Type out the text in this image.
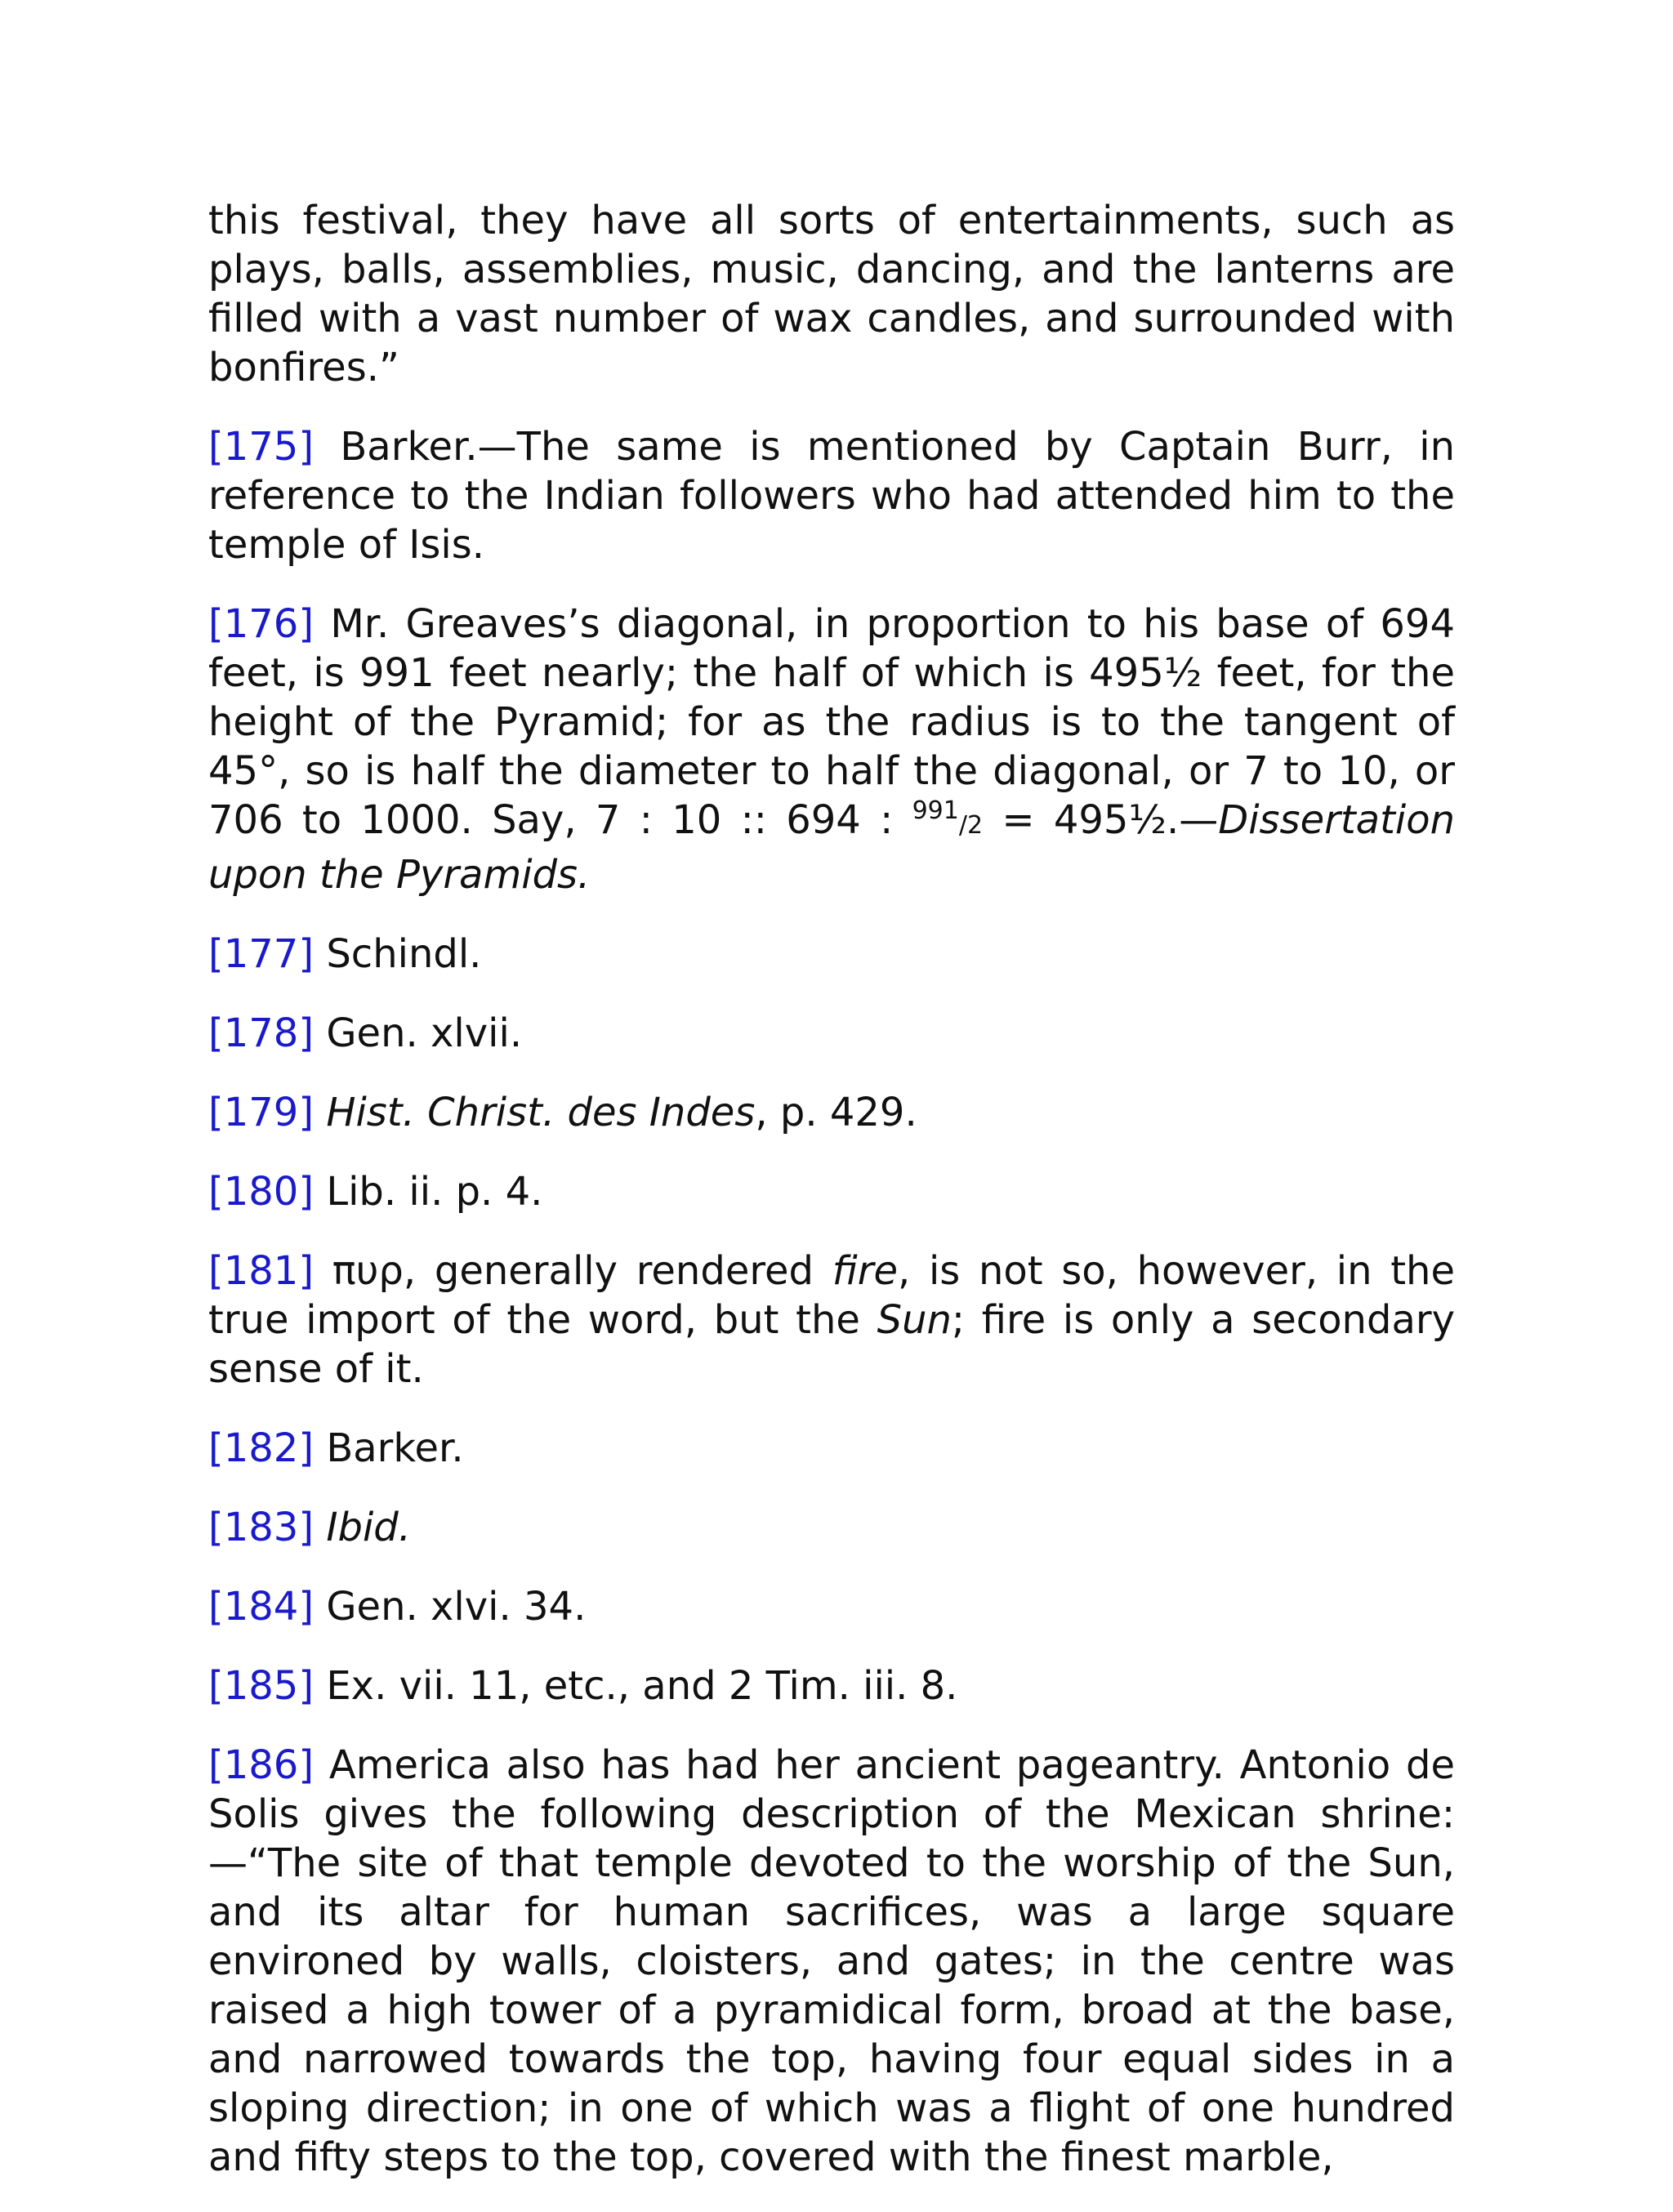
this festival, they have all sorts of entertainments, such as plays, balls, assemblies, music, dancing, and the lanterns are filled with a vast number of wax candles, and surrounded with bonfires.”

[175] Barker.—The same is mentioned by Captain Burr, in reference to the Indian followers who had attended him to the temple of Isis.

[176] Mr. Greaves’s diagonal, in proportion to his base of 694 feet, is 991 feet nearly; the half of which is 495½ feet, for the height of the Pyramid; for as the radius is to the tangent of 45°, so is half the diameter to half the diagonal, or 7 to 10, or 706 to 1000. Say, 7 : 10 :: 694 : $^{991}$/2 = 495½.—Dissertation upon the Pyramids.

[177] Schindl.

[178] Gen. xlvii.

[179] Hist. Christ. des Indes, p. 429.

[180] Lib. ii. p. 4.

[181] πυρ, generally rendered fire, is not so, however, in the true import of the word, but the Sun; fire is only a secondary sense of it.

[182] Barker.

[183] Ibid.

[184] Gen. xlvi. 34.

[185] Ex. vii. 11, etc., and 2 Tim. iii. 8.

[186] America also has had her ancient pageantry. Antonio de Solis gives the following description of the Mexican shrine:—“The site of that temple devoted to the worship of the Sun, and its altar for human sacrifices, was a large square environed by walls, cloisters, and gates; in the centre was raised a high tower of a pyramidical form, broad at the base, and narrowed towards the top, having four equal sides in a sloping direction; in one of which was a flight of one hundred and fifty steps to the top, covered with the finest marble,
